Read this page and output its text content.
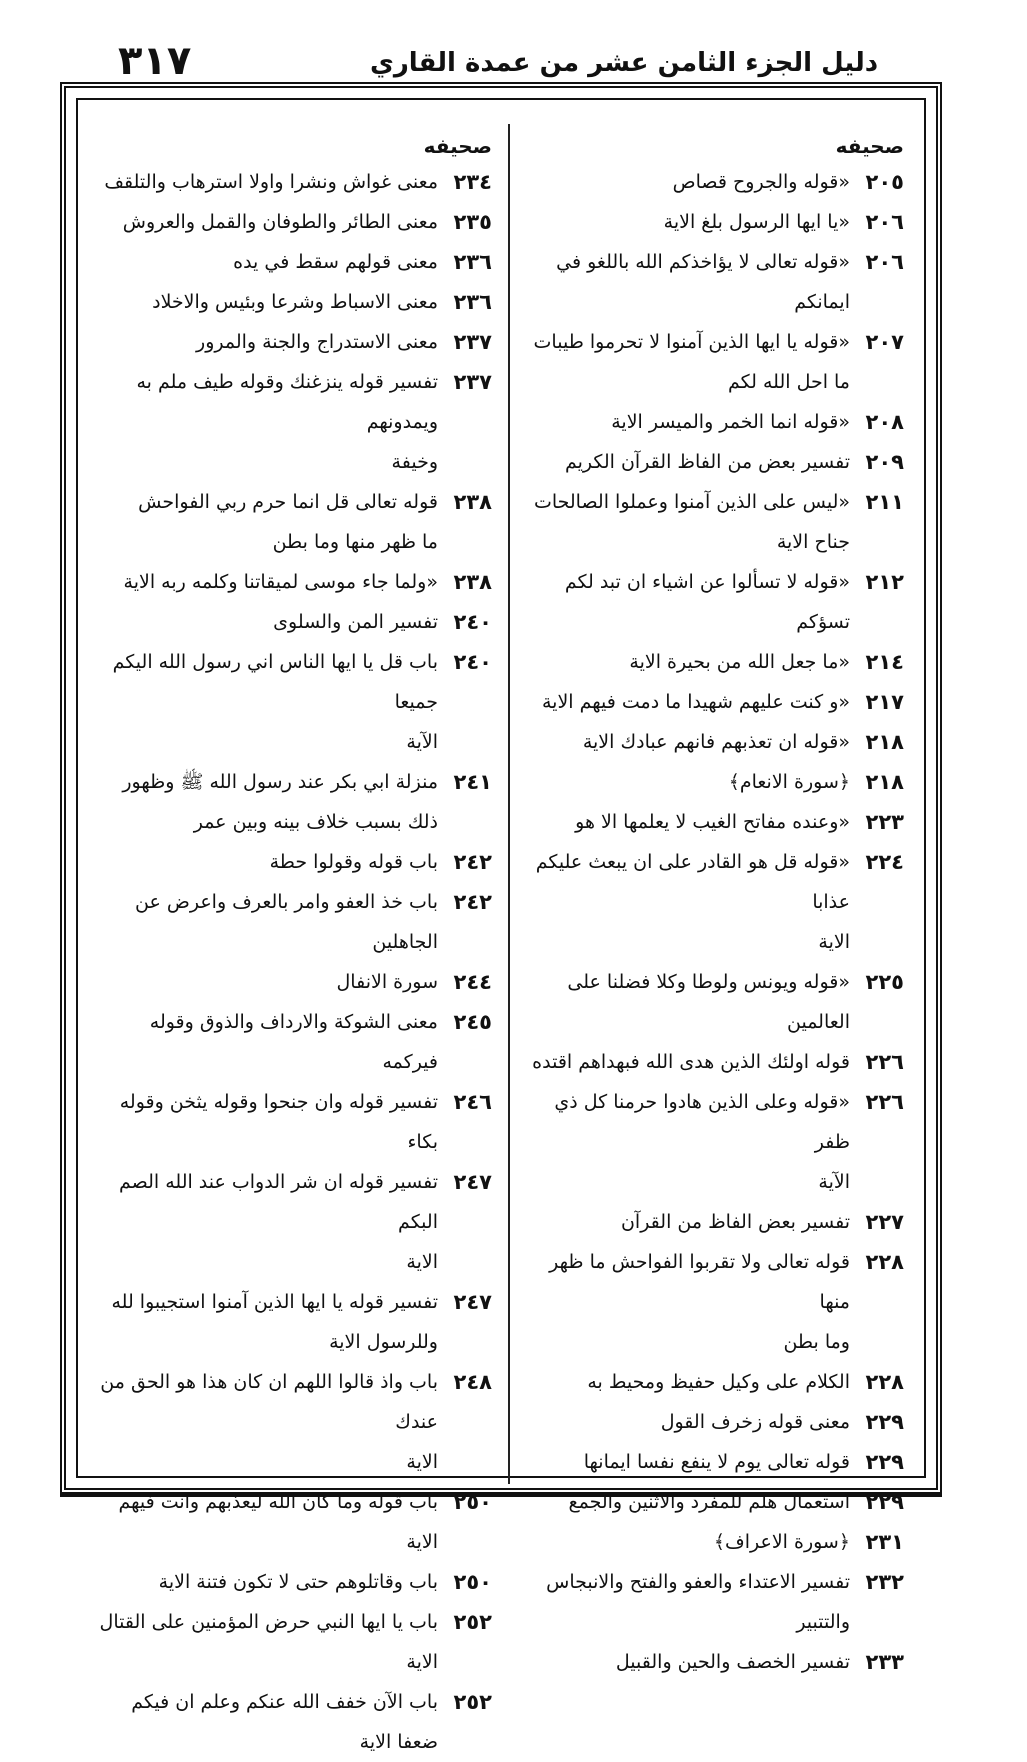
٣١٧	دليل الجزء الثامن عشر من عمدة القاري
صحيفه
٢٠٥
«قوله والجروح قصاص
٢٠٦
«يا ايها الرسول بلغ الاية
٢٠٦
«قوله تعالى لا يؤاخذكم الله باللغو في ايمانكم
٢٠٧
«قوله يا ايها الذين آمنوا لا تحرموا طيبات
ما احل الله لكم
٢٠٨
«قوله انما الخمر والميسر الاية
٢٠٩
تفسير بعض من الفاظ القرآن الكريم
٢١١
«ليس على الذين آمنوا وعملوا الصالحات
جناح الاية
٢١٢
«قوله لا تسألوا عن اشياء ان تبد لكم تسؤكم
٢١٤
«ما جعل الله من بحيرة الاية
٢١٧
«و كنت عليهم شهيدا ما دمت فيهم الاية
٢١٨
«قوله ان تعذبهم فانهم عبادك الاية
٢١٨
﴿سورة الانعام﴾
٢٢٣
«وعنده مفاتح الغيب لا يعلمها الا هو
٢٢٤
«قوله قل هو القادر على ان يبعث عليكم عذابا
الاية
٢٢٥
«قوله ويونس ولوطا وكلا فضلنا على العالمين
٢٢٦
قوله اولئك الذين هدى الله فبهداهم اقتده
٢٢٦
«قوله وعلى الذين هادوا حرمنا كل ذي ظفر
الآية
٢٢٧
تفسير بعض الفاظ من القرآن
٢٢٨
قوله تعالى ولا تقربوا الفواحش ما ظهر منها
وما بطن
٢٢٨
الكلام على وكيل حفيظ ومحيط به
٢٢٩
معنى قوله زخرف القول
٢٢٩
قوله تعالى يوم لا ينفع نفسا ايمانها
٢٢٩
استعمال هلم للمفرد والاثنين والجمع
٢٣١
﴿سورة الاعراف﴾
٢٣٢
تفسير الاعتداء والعفو والفتح والانبجاس
والتتبير
٢٣٣
تفسير الخصف والحين والقبيل
صحيفه
٢٣٤
معنى غواش ونشرا واولا استرهاب والتلقف
٢٣٥
معنى الطائر والطوفان والقمل والعروش
٢٣٦
معنى قولهم سقط في يده
٢٣٦
معنى الاسباط وشرعا وبئيس والاخلاد
٢٣٧
معنى الاستدراج والجنة والمرور
٢٣٧
تفسير قوله ينزغنك وقوله طيف ملم به ويمدونهم
وخيفة
٢٣٨
قوله تعالى قل انما حرم ربي الفواحش
ما ظهر منها وما بطن
٢٣٨
«ولما جاء موسى لميقاتنا وكلمه ربه الاية
٢٤٠
تفسير المن والسلوى
٢٤٠
باب قل يا ايها الناس اني رسول الله اليكم جميعا
الآية
٢٤١
منزلة ابي بكر عند رسول الله ﷺ وظهور
ذلك بسبب خلاف بينه وبين عمر
٢٤٢
باب قوله وقولوا حطة
٢٤٢
باب خذ العفو وامر بالعرف واعرض عن
الجاهلين
٢٤٤
سورة الانفال
٢٤٥
معنى الشوكة والارداف والذوق وقوله فيركمه
٢٤٦
تفسير قوله وان جنحوا وقوله يثخن وقوله
بكاء
٢٤٧
تفسير قوله ان شر الدواب عند الله الصم البكم
الاية
٢٤٧
تفسير قوله يا ايها الذين آمنوا استجيبوا لله
وللرسول الاية
٢٤٨
باب واذ قالوا اللهم ان كان هذا هو الحق من عندك
الاية
٢٥٠
باب قوله وما كان الله ليعذبهم وانت فيهم الاية
٢٥٠
باب وقاتلوهم حتى لا تكون فتنة الاية
٢٥٢
باب يا ايها النبي حرض المؤمنين على القتال الاية
٢٥٢
باب الآن خفف الله عنكم وعلم ان فيكم ضعفا الاية
